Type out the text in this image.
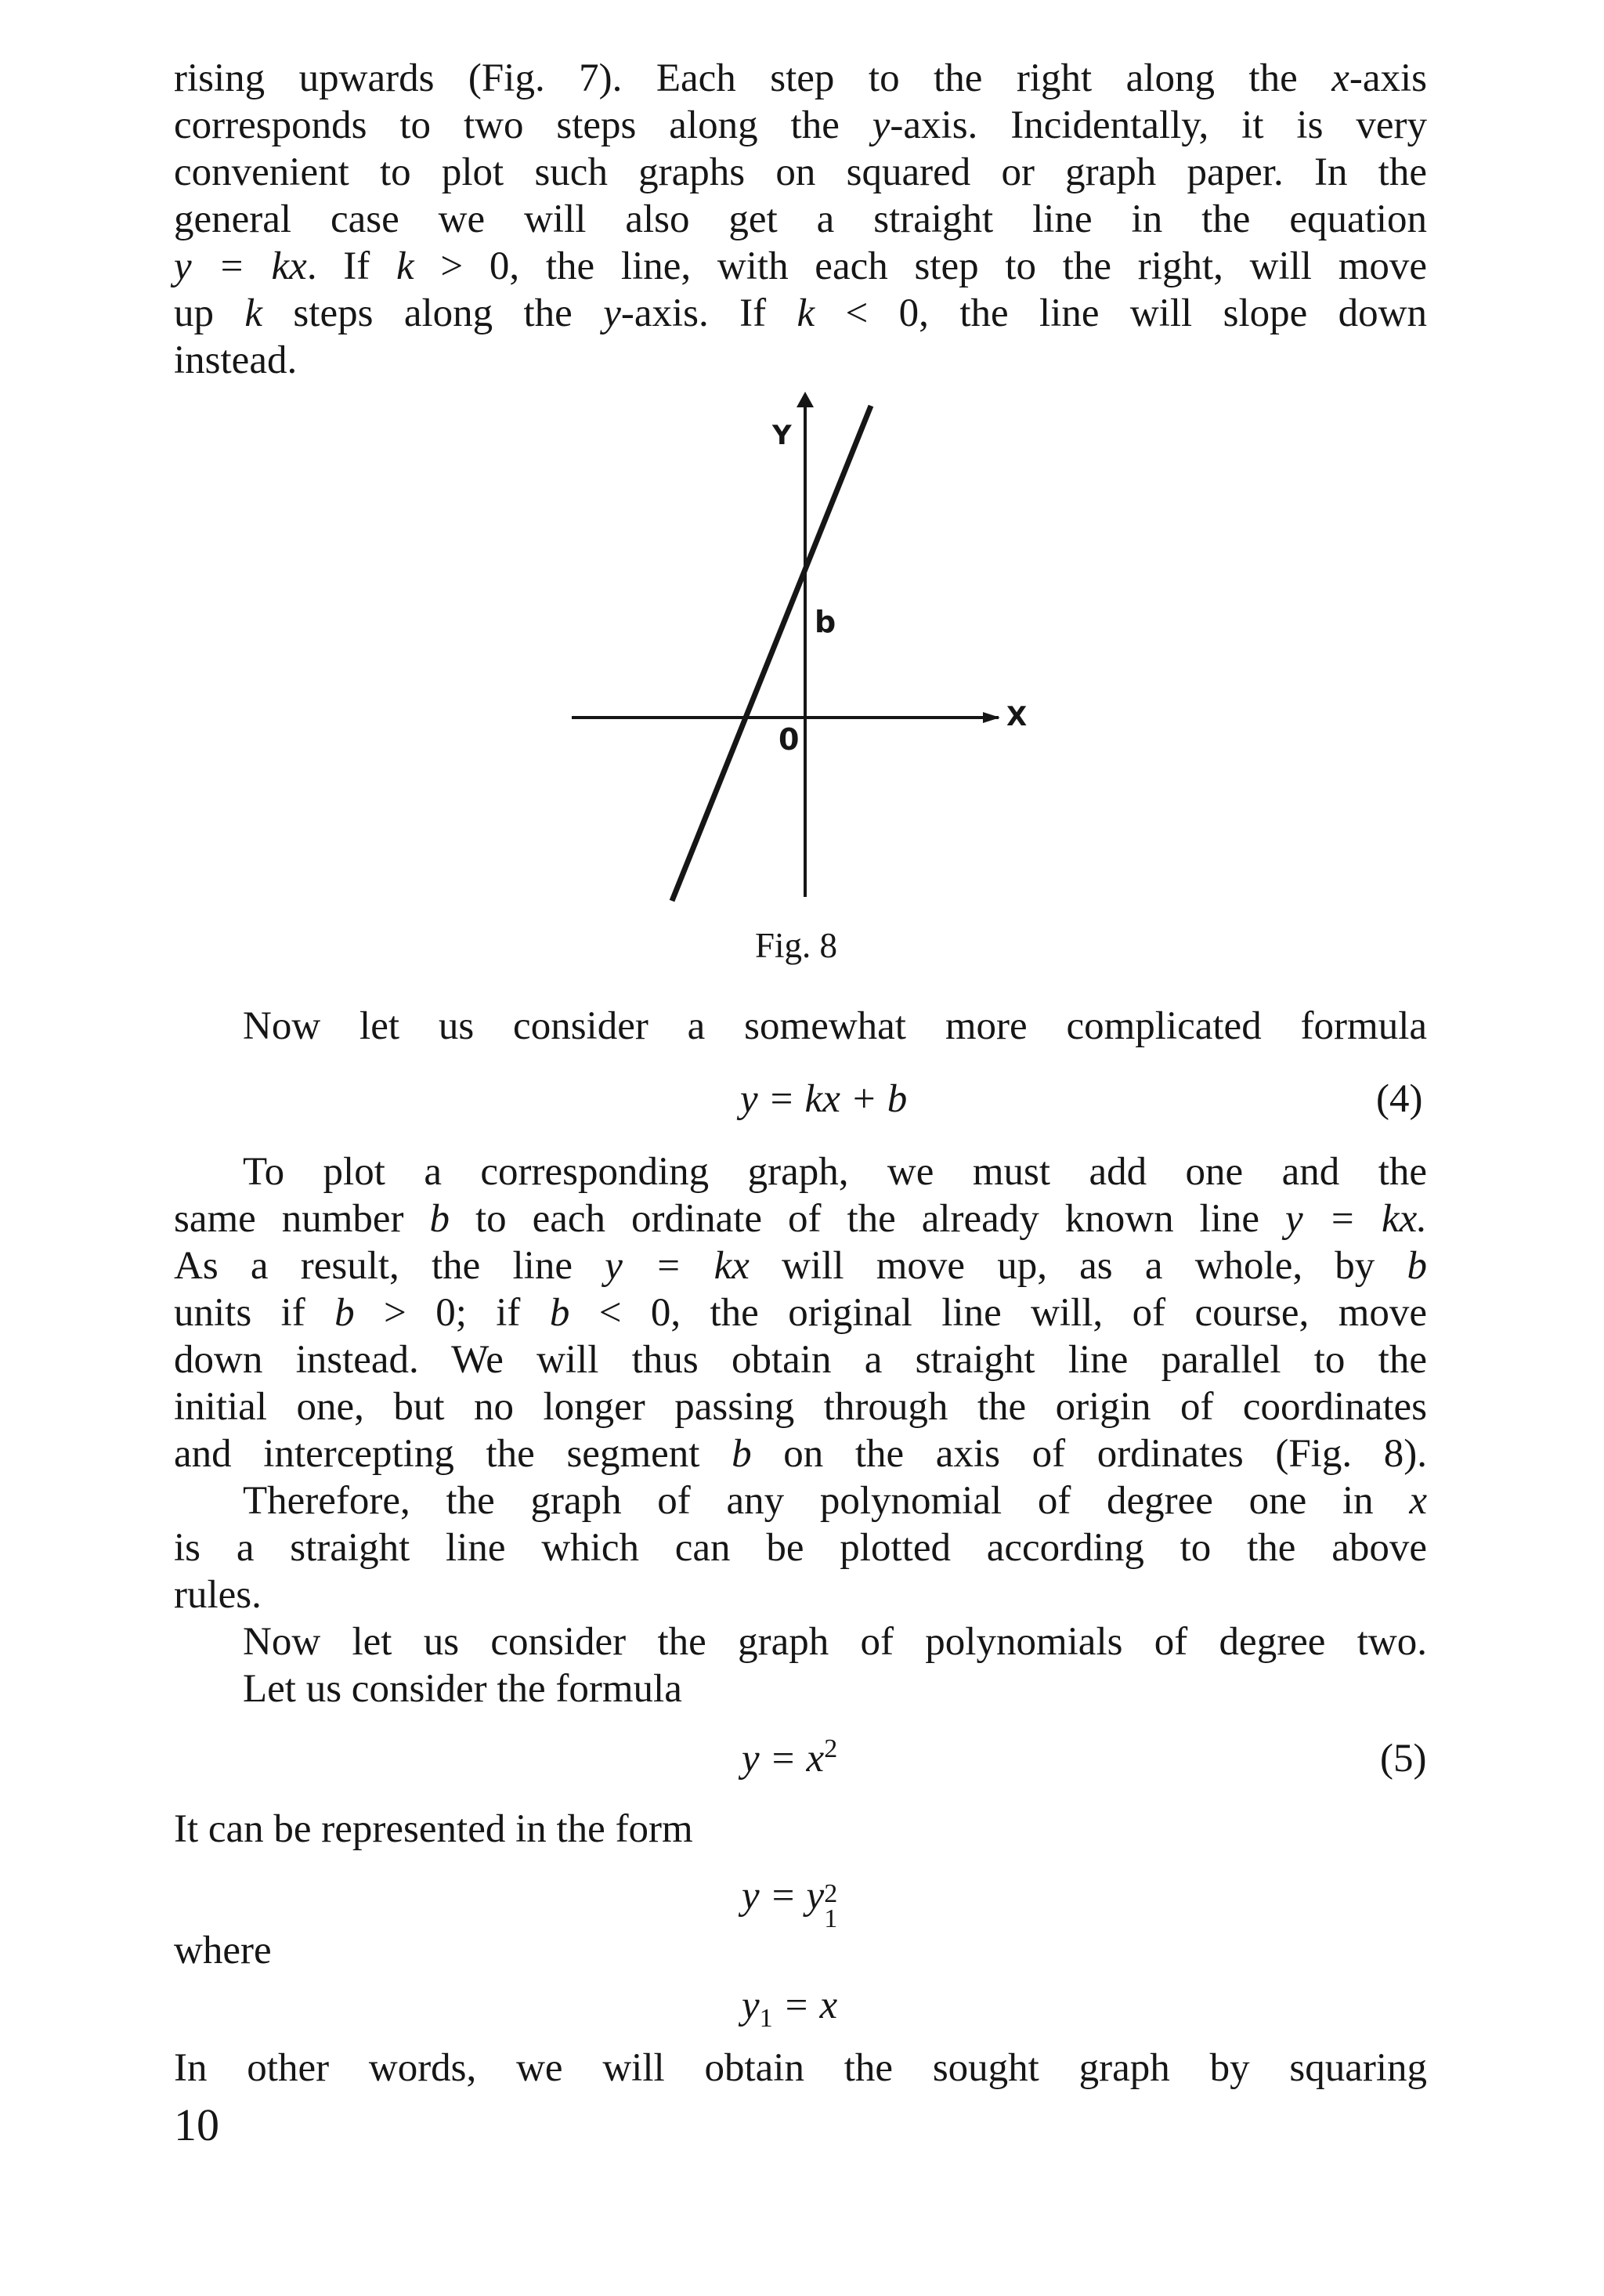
rising upwards (Fig. 7). Each step to the right along the x-axis
corresponds to two steps along the y-axis. Incidentally, it is very
convenient to plot such graphs on squared or graph paper. In the
general case we will also get a straight line in the equation
y = kx. If k > 0, the line, with each step to the right, will move
up k steps along the y-axis. If k < 0, the line will slope down
instead.
Y
X
0
b
Fig. 8
Now let us consider a somewhat more complicated formula
y = kx + b	(4)
To plot a corresponding graph, we must add one and the
same number b to each ordinate of the already known line y = kx.
As a result, the line y = kx will move up, as a whole, by b
units if b > 0; if b < 0, the original line will, of course, move
down instead. We will thus obtain a straight line parallel to the
initial one, but no longer passing through the origin of coordinates
and intercepting the segment b on the axis of ordinates (Fig. 8).
Therefore, the graph of any polynomial of degree one in x
is a straight line which can be plotted according to the above
rules.
Now let us consider the graph of polynomials of degree two.
Let us consider the formula
$y = x^2$	(5)
It can be represented in the form
y = y 2
1
where
$y_1 = x$
In other words, we will obtain the sought graph by squaring
10
